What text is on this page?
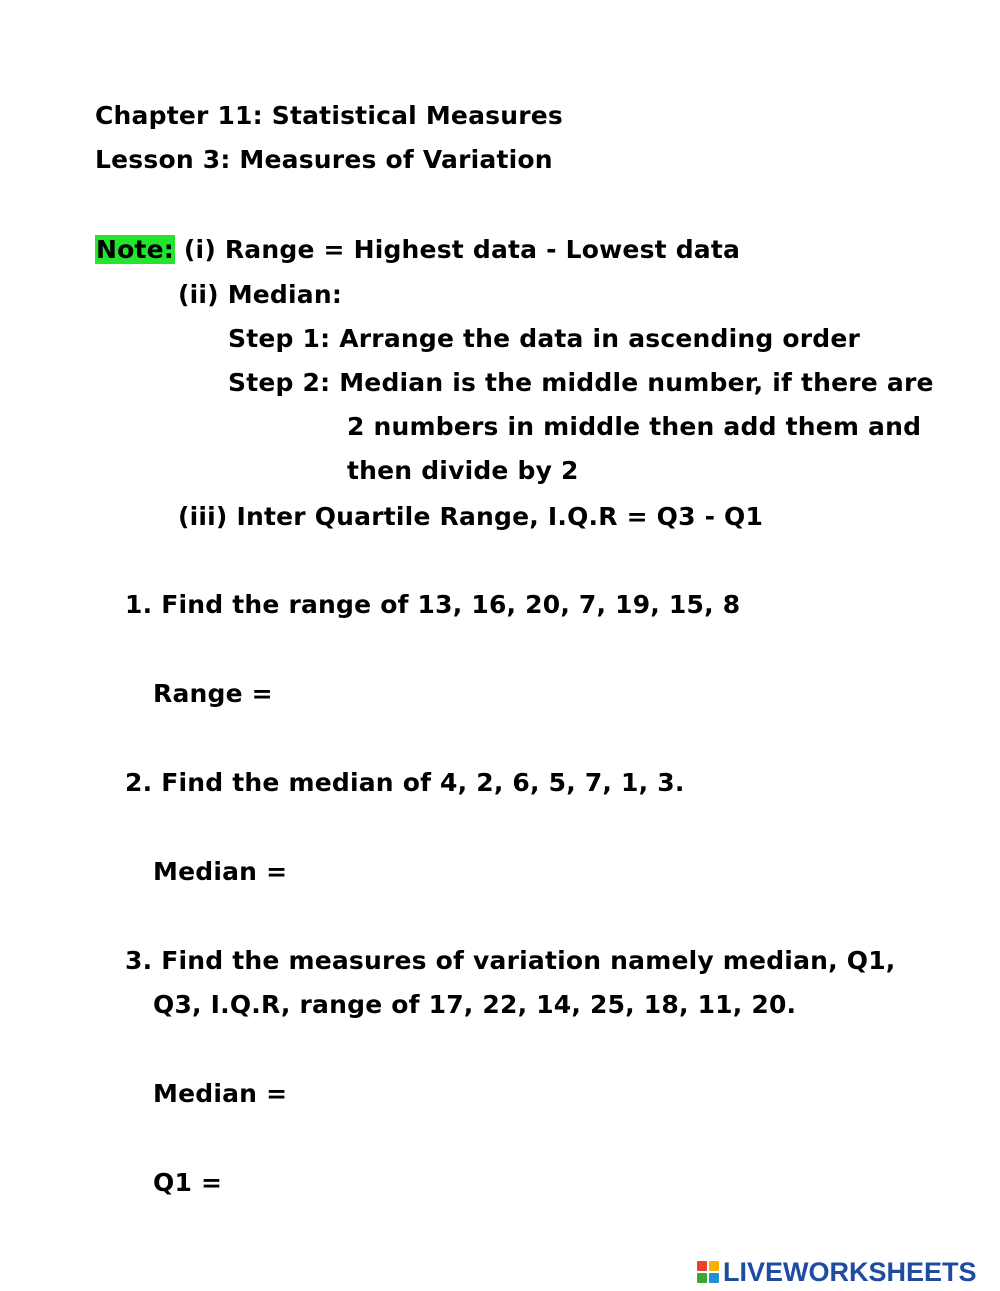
Chapter 11: Statistical Measures
Lesson 3: Measures of Variation
Note: (i) Range = Highest data - Lowest data
(ii) Median:
Step 1: Arrange the data in ascending order
Step 2: Median is the middle number, if there are
2 numbers in middle then add them and
then divide by 2
(iii) Inter Quartile Range, I.Q.R = Q3 - Q1
1. Find the range of 13, 16, 20, 7, 19, 15, 8
Range =
2. Find the median of 4, 2, 6, 5, 7, 1, 3.
Median =
3. Find the measures of variation namely median, Q1,
Q3, I.Q.R, range of 17, 22, 14, 25, 18, 11, 20.
Median =
Q1 =
LIVEWORKSHEETS
